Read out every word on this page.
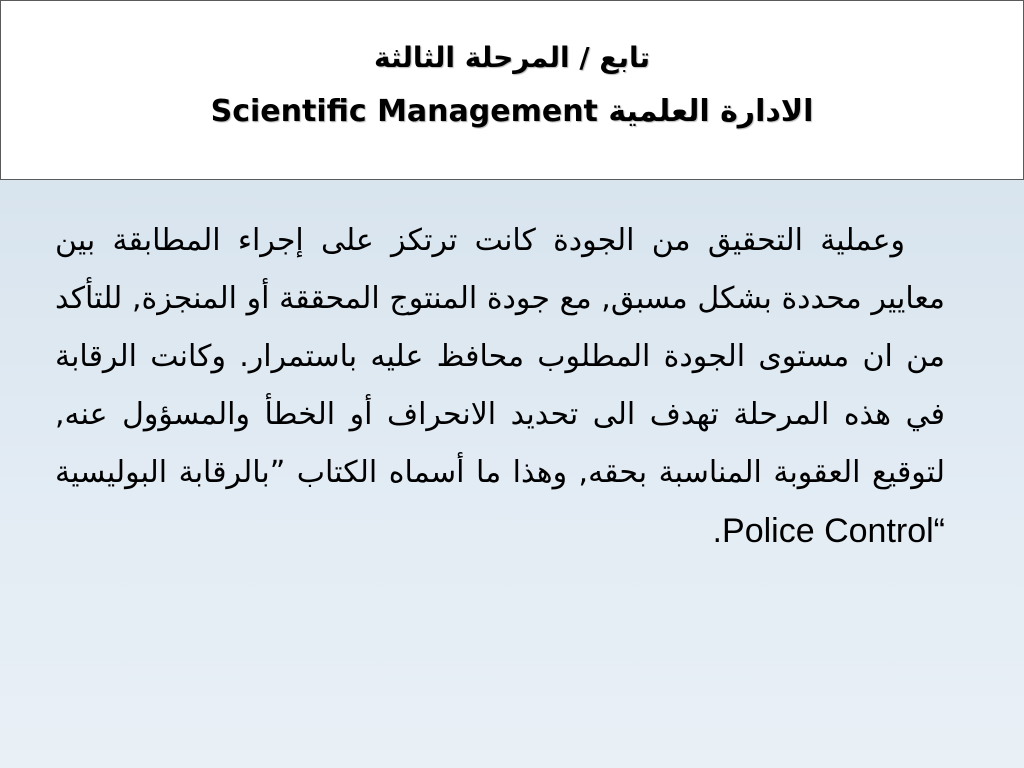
تابع / المرحلة الثالثة
الادارة العلمية Scientific Management
وعملية التحقيق من الجودة كانت ترتكز على إجراء المطابقة بين معايير محددة بشكل مسبق, مع جودة المنتوج المحققة أو المنجزة, للتأكد من ان مستوى الجودة المطلوب محافظ عليه باستمرار. وكانت الرقابة في هذه المرحلة تهدف الى تحديد الانحراف أو الخطأ والمسؤول عنه, لتوقيع العقوبة المناسبة بحقه, وهذا ما أسماه الكتاب ”بالرقابة البوليسية Police Control“.
